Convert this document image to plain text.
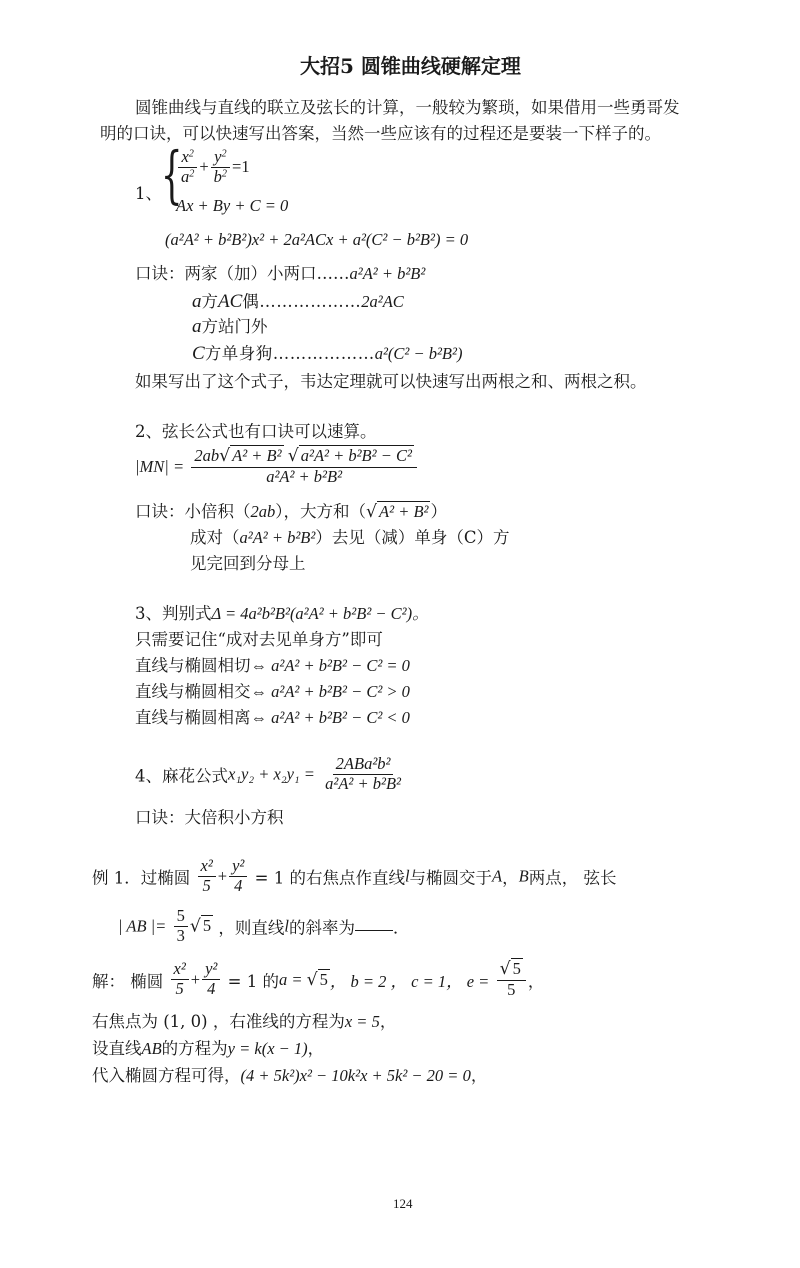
大招5 圆锥曲线硬解定理
圆锥曲线与直线的联立及弦长的计算，一般较为繁琐，如果借用一些勇哥发
明的口诀，可以快速写出答案，当然一些应该有的过程还是要装一下样子的。
1、
{
$\frac{x^2}{a^2} + \frac{y^2}{b^2} =1$
Ax + By + C = 0
(a²A² + b²B²)x² + 2a²ACx + a²(C² − b²B²) = 0
口诀：两家（加）小两口……a²A² + b²B²
a方AC偶………………2a²AC
a方站门外
C方单身狗………………a²(C² − b²B²)
如果写出了这个式子，韦达定理就可以快速写出两根之和、两根之积。
2、弦长公式也有口诀可以速算。
$|MN| = \frac{\text{2ab√ A² + B² √ a²A² + b²B² − C²}}{\text{a²A² + b²B²}}$
口诀：小倍积（2ab），大方和（√ A² + B² ）
成对（a²A² + b²B²）去见（减）单身（C）方
见完回到分母上
3、判别式Δ = 4a²b²B²(a²A² + b²B² − C²)。
只需要记住“成对去见单身方”即可
直线与椭圆相切⇔ a²A² + b²B² − C² = 0
直线与椭圆相交⇔ a²A² + b²B² − C² > 0
直线与椭圆相离⇔ a²A² + b²B² − C² < 0
4、麻花公式$x_1y_2 + x_2y_1 = \frac{\text{2ABa²b²}}{\text{a²A² + b²B²}}$
口诀：大倍积小方积
例 1．过椭圆 $\frac{\text{x²}}{5} + \frac{\text{y²}}{4} = 1$ 的右焦点作直线l与椭圆交于A，B两点， 弦长
| AB |= $\frac{5}{3}$ √ 5 ，则直线l的斜率为 ．
解： 椭圆 $\frac{\text{x²}}{5} + \frac{\text{y²}}{4} = 1$ 的a = √ 5 ， b = 2 ， c = 1， $e = \frac{√ 5}{5}$ ，
右焦点为 (1, 0) ，右准线的方程为x = 5，
设直线AB的方程为y = k(x − 1)，
代入椭圆方程可得，(4 + 5k²)x² − 10k²x + 5k² − 20 = 0，
124
